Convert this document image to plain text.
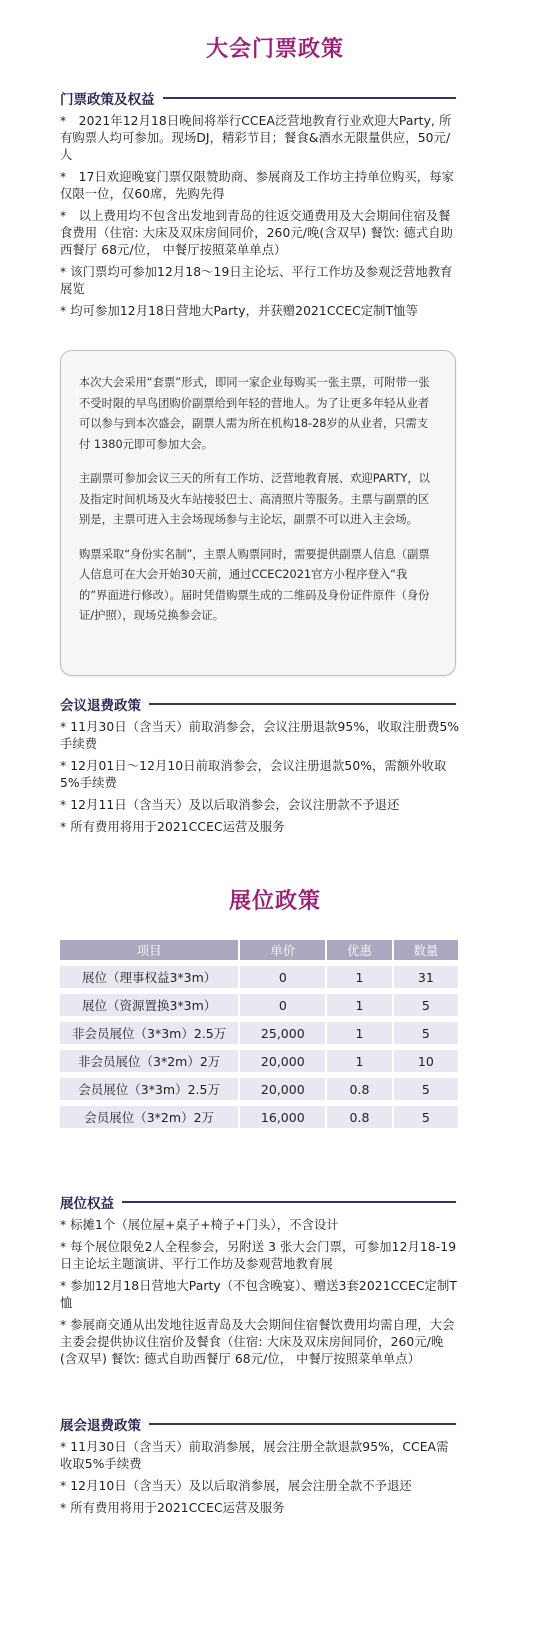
大会门票政策
门票政策及权益
*　2021年12月18日晚间将举行CCEA泛营地教育行业欢迎大Party, 所有购票人均可参加。现场DJ，精彩节目；餐食&酒水无限量供应，50元/人
*　17日欢迎晚宴门票仅限赞助商、参展商及工作坊主持单位购买，每家仅限一位，仅60席，先购先得
*　以上费用均不包含出发地到青岛的往返交通费用及大会期间住宿及餐食费用（住宿: 大床及双床房间同价，260元/晚(含双早) 餐饮: 德式自助西餐厅 68元/位， 中餐厅按照菜单单点）
* 该门票均可参加12月18～19日主论坛、平行工作坊及参观泛营地教育展览
* 均可参加12月18日营地大Party，并获赠2021CCEC定制T恤等

本次大会采用“套票”形式，即同一家企业每购买一张主票，可附带一张不受时限的早鸟团购价副票给到年轻的营地人。为了让更多年轻从业者可以参与到本次盛会，副票人需为所在机构18-28岁的从业者，只需支付 1380元即可参加大会。

主副票可参加会议三天的所有工作坊、泛营地教育展、欢迎PARTY，以及指定时间机场及火车站接驳巴士、高清照片等服务。主票与副票的区别是，主票可进入主会场现场参与主论坛，副票不可以进入主会场。

购票采取“身份实名制”，主票人购票同时，需要提供副票人信息（副票人信息可在大会开始30天前，通过CCEC2021官方小程序登入“我的”界面进行修改）。届时凭借购票生成的二维码及身份证件原件（身份证/护照），现场兑换参会证。

会议退费政策
* 11月30日（含当天）前取消参会，会议注册退款95%，收取注册费5%手续费
* 12月01日～12月10日前取消参会，会议注册退款50%，需额外收取5%手续费
* 12月11日（含当天）及以后取消参会，会议注册款不予退还
* 所有费用将用于2021CCEC运营及服务
展位政策
项目	单价	优惠	数量
展位（理事权益3*3m）	0	1	31
展位（资源置换3*3m）	0	1	5
非会员展位（3*3m）2.5万	25,000	1	5
非会员展位（3*2m）2万	20,000	1	10
会员展位（3*3m）2.5万	20,000	0.8	5
会员展位（3*2m）2万	16,000	0.8	5
展位权益
* 标摊1个（展位屋+桌子+椅子+门头），不含设计
* 每个展位限免2人全程参会，另附送 3 张大会门票，可参加12月18-19日主论坛主题演讲、平行工作坊及参观营地教育展
* 参加12月18日营地大Party（不包含晚宴）、赠送3套2021CCEC定制T恤
* 参展商交通从出发地往返青岛及大会期间住宿餐饮费用均需自理，大会主委会提供协议住宿价及餐食（住宿: 大床及双床房间同价，260元/晚(含双早) 餐饮: 德式自助西餐厅 68元/位， 中餐厅按照菜单单点）
展会退费政策
* 11月30日（含当天）前取消参展，展会注册全款退款95%，CCEA需收取5%手续费
* 12月10日（含当天）及以后取消参展，展会注册全款不予退还
* 所有费用将用于2021CCEC运营及服务
